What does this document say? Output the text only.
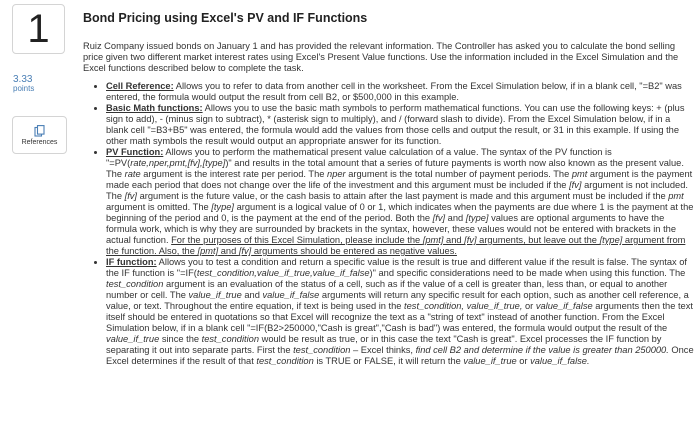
1
3.33
points
References
Bond Pricing using Excel's PV and IF Functions

Ruiz Company issued bonds on January 1 and has provided the relevant information. The Controller has asked you to calculate the bond selling price given two different market interest rates using Excel's Present Value functions. Use the information included in the Excel Simulation and the Excel functions described below to complete the task.

• Cell Reference: Allows you to refer to data from another cell in the worksheet. From the Excel Simulation below, if in a blank cell, "=B2" was entered, the formula would output the result from cell B2, or $500,000 in this example.
• Basic Math functions: Allows you to use the basic math symbols to perform mathematical functions. You can use the following keys: + (plus sign to add), - (minus sign to subtract), * (asterisk sign to multiply), and / (forward slash to divide). From the Excel Simulation below, if in a blank cell "=B3+B5" was entered, the formula would add the values from those cells and output the result, or 31 in this example. If using the other math symbols the result would output an appropriate answer for its function.
• PV Function: Allows you to perform the mathematical present value calculation of a value. The syntax of the PV function is "=PV(rate,nper,pmt,[fv],[type])" and results in the total amount that a series of future payments is worth now also known as the present value. The rate argument is the interest rate per period. The nper argument is the total number of payment periods. The pmt argument is the payment made each period that does not change over the life of the investment and this argument must be included if the [fv] argument is not included. The [fv] argument is the future value, or the cash basis to attain after the last payment is made and this argument must be included if the pmt argument is omitted. The [type] argument is a logical value of 0 or 1, which indicates when the payments are due where 1 is the payment at the beginning of the period and 0, is the payment at the end of the period. Both the [fv] and [type] values are optional arguments to have the formula work, which is why they are surrounded by brackets in the syntax, however, these values would not be entered with brackets in the actual function. For the purposes of this Excel Simulation, please include the [pmt] and [fv] arguments, but leave out the [type] argument from the function. Also, the [pmt] and [fv] arguments should be entered as negative values.
• IF function: Allows you to test a condition and return a specific value is the result is true and different value if the result is false. The syntax of the IF function is "=IF(test_condition,value_if_true,value_if_false)" and specific considerations need to be made when using this function. The test_condition argument is an evaluation of the status of a cell, such as if the value of a cell is greater than, less than, or equal to another number or cell. The value_if_true and value_if_false arguments will return any specific result for each option, such as another cell reference, a value, or text. Throughout the entire equation, if text is being used in the test_condition, value_if_true, or value_if_false arguments then the text itself should be entered in quotations so that Excel will recognize the text as a "string of text" instead of another function. From the Excel Simulation below, if in a blank cell "=IF(B2>250000,"Cash is great","Cash is bad") was entered, the formula would output the result of the value_if_true since the test_condition would be result as true, or in this case the text "Cash is great". Excel processes the IF function by separating it out into separate parts. First the test_condition – Excel thinks, find cell B2 and determine if the value is greater than 250000. Once Excel determines if the result of that test_condition is TRUE or FALSE, it will return the value_if_true or value_if_false.
